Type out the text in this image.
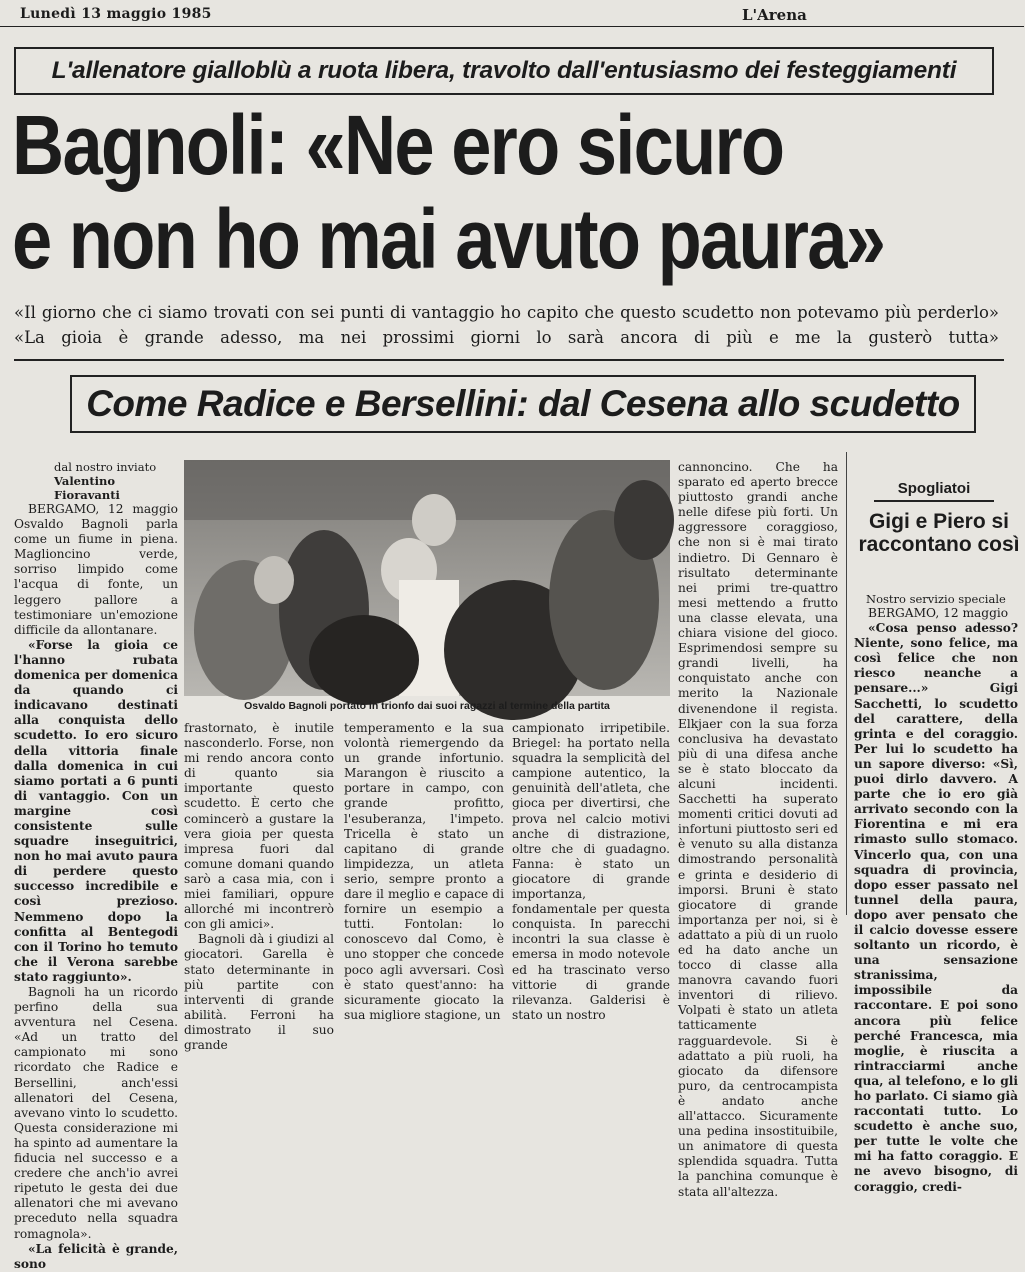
Lunedì 13 maggio 1985	L'Arena
L'allenatore gialloblù a ruota libera, travolto dall'entusiasmo dei festeggiamenti
Bagnoli: «Ne ero sicuro
e non ho mai avuto paura»
«Il giorno che ci siamo trovati con sei punti di vantaggio ho capito che questo scudetto non potevamo più perderlo»
«La gioia è grande adesso, ma nei prossimi giorni lo sarà ancora di più e me la gusterò tutta»
Come Radice e Bersellini: dal Cesena allo scudetto
dal nostro inviato
Valentino Fioravanti

BERGAMO, 12 maggio Osvaldo Bagnoli parla come un fiume in piena. Maglioncino verde, sorriso limpido come l'acqua di fonte, un leggero pallore a testimoniare un'emozione difficile da allontanare.

«Forse la gioia ce l'hanno rubata domenica per domenica da quando ci indicavano destinati alla conquista dello scudetto. Io ero sicuro della vittoria finale dalla domenica in cui siamo portati a 6 punti di vantaggio. Con un margine così consistente sulle squadre inseguitrici, non ho mai avuto paura di perdere questo successo incredibile e così prezioso. Nemmeno dopo la confitta al Bentegodi con il Torino ho temuto che il Verona sarebbe stato raggiunto».

Bagnoli ha un ricordo perfino della sua avventura nel Cesena. «Ad un tratto del campionato mi sono ricordato che Radice e Bersellini, anch'essi allenatori del Cesena, avevano vinto lo scudetto. Questa considerazione mi ha spinto ad aumentare la fiducia nel successo e a credere che anch'io avrei ripetuto le gesta dei due allenatori che mi avevano preceduto nella squadra romagnola».

«La felicità è grande, sono

Osvaldo Bagnoli portato in trionfo dai suoi ragazzi al termine della partita

frastornato, è inutile nasconderlo. Forse, non mi rendo ancora conto di quanto sia importante questo scudetto. È certo che comincerò a gustare la vera gioia per questa impresa fuori dal comune domani quando sarò a casa mia, con i miei familiari, oppure allorché mi incontrerò con gli amici».

Bagnoli dà i giudizi al giocatori. Garella è stato determinante in più partite con interventi di grande abilità. Ferroni ha dimostrato il suo grande

temperamento e la sua volontà riemergendo da un grande infortunio. Marangon è riuscito a portare in campo, con grande profitto, l'esuberanza, l'impeto. Tricella è stato un capitano di grande limpidezza, un atleta serio, sempre pronto a dare il meglio e capace di fornire un esempio a tutti. Fontolan: lo conoscevo dal Como, è uno stopper che concede poco agli avversari. Così è stato quest'anno: ha sicuramente giocato la sua migliore stagione, un

campionato irripetibile. Briegel: ha portato nella squadra la semplicità del campione autentico, la genuinità dell'atleta, che gioca per divertirsi, che prova nel calcio motivi anche di distrazione, oltre che di guadagno. Fanna: è stato un giocatore di grande importanza, fondamentale per questa conquista. In parecchi incontri la sua classe è emersa in modo notevole ed ha trascinato verso vittorie di grande rilevanza. Galderisi è stato un nostro

cannoncino. Che ha sparato ed aperto brecce piuttosto grandi anche nelle difese più forti. Un aggressore coraggioso, che non si è mai tirato indietro. Di Gennaro è risultato determinante nei primi tre-quattro mesi mettendo a frutto una classe elevata, una chiara visione del gioco. Esprimendosi sempre su grandi livelli, ha conquistato anche con merito la Nazionale divenendone il regista. Elkjaer con la sua forza conclusiva ha devastato più di una difesa anche se è stato bloccato da alcuni incidenti. Sacchetti ha superato momenti critici dovuti ad infortuni piuttosto seri ed è venuto su alla distanza dimostrando personalità e grinta e desiderio di imporsi. Bruni è stato giocatore di grande importanza per noi, si è adattato a più di un ruolo ed ha dato anche un tocco di classe alla manovra cavando fuori inventori di rilievo. Volpati è stato un atleta tatticamente ragguardevole. Si è adattato a più ruoli, ha giocato da difensore puro, da centrocampista è andato anche all'attacco. Sicuramente una pedina insostituibile, un animatore di questa splendida squadra. Tutta la panchina comunque è stata all'altezza.

Spogliatoi
Gigi e Piero si raccontano così
Nostro servizio speciale

BERGAMO, 12 maggio

«Cosa penso adesso? Niente, sono felice, ma così felice che non riesco neanche a pensare...» Gigi Sacchetti, lo scudetto del carattere, della grinta e del coraggio. Per lui lo scudetto ha un sapore diverso: «Sì, puoi dirlo davvero. A parte che io ero già arrivato secondo con la Fiorentina e mi era rimasto sullo stomaco. Vincerlo qua, con una squadra di provincia, dopo esser passato nel tunnel della paura, dopo aver pensato che il calcio dovesse essere soltanto un ricordo, è una sensazione stranissima, impossibile da raccontare. E poi sono ancora più felice perché Francesca, mia moglie, è riuscita a rintracciarmi anche qua, al telefono, e lo gli ho parlato. Ci siamo già raccontati tutto. Lo scudetto è anche suo, per tutte le volte che mi ha fatto coraggio. E ne avevo bisogno, di coraggio, credi-
